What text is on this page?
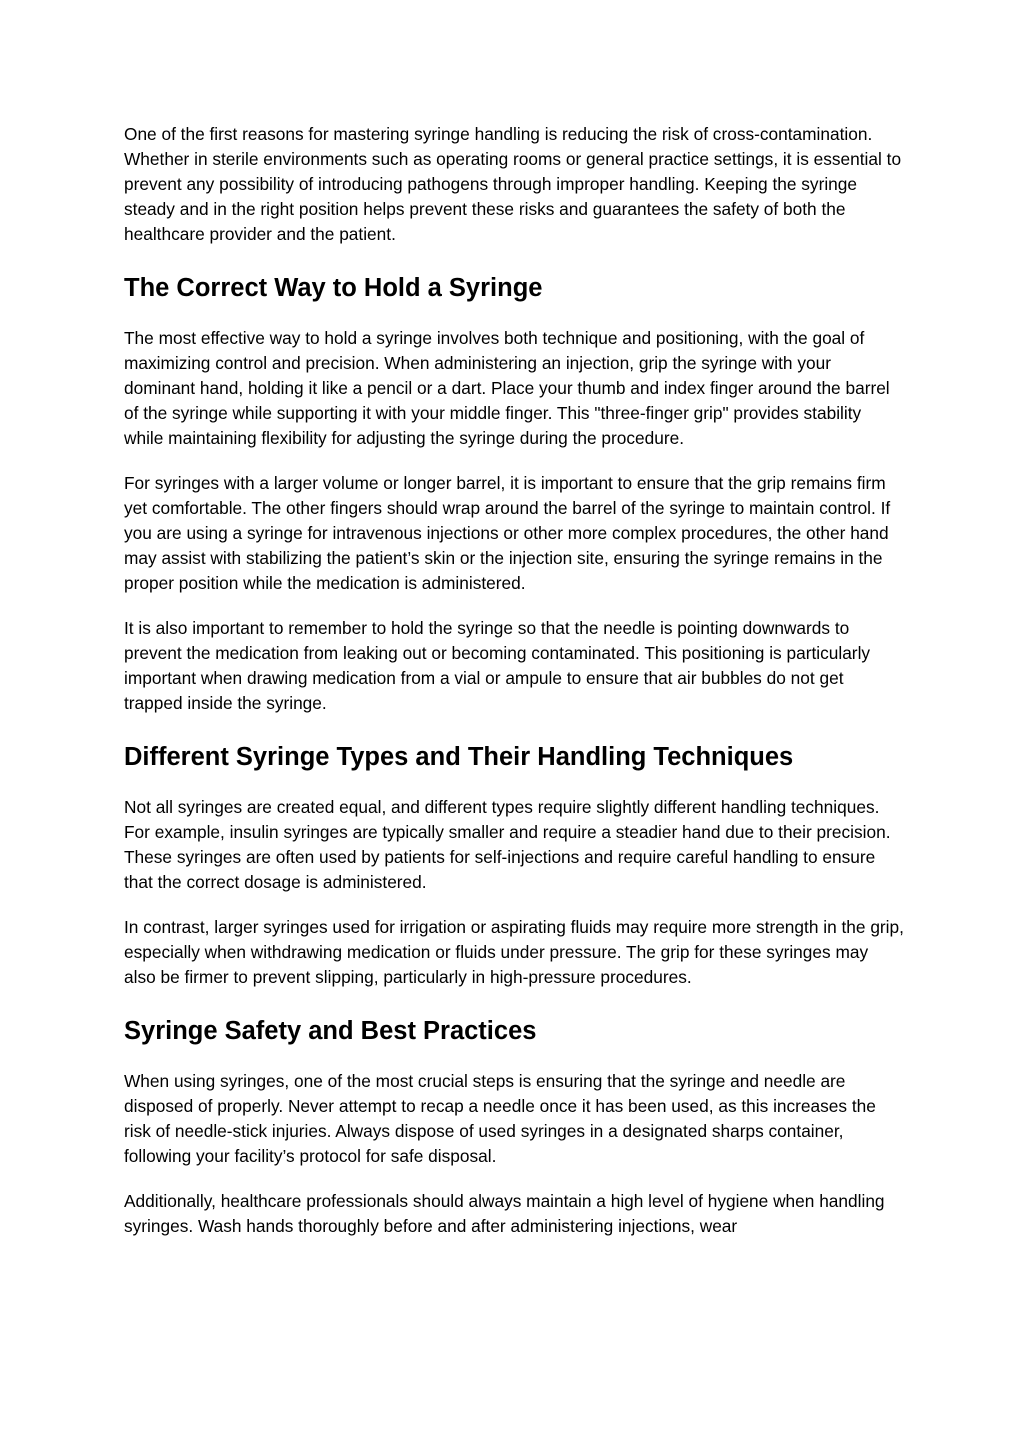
One of the first reasons for mastering syringe handling is reducing the risk of cross-contamination. Whether in sterile environments such as operating rooms or general practice settings, it is essential to prevent any possibility of introducing pathogens through improper handling. Keeping the syringe steady and in the right position helps prevent these risks and guarantees the safety of both the healthcare provider and the patient.

The Correct Way to Hold a Syringe

The most effective way to hold a syringe involves both technique and positioning, with the goal of maximizing control and precision. When administering an injection, grip the syringe with your dominant hand, holding it like a pencil or a dart. Place your thumb and index finger around the barrel of the syringe while supporting it with your middle finger. This "three-finger grip" provides stability while maintaining flexibility for adjusting the syringe during the procedure.

For syringes with a larger volume or longer barrel, it is important to ensure that the grip remains firm yet comfortable. The other fingers should wrap around the barrel of the syringe to maintain control. If you are using a syringe for intravenous injections or other more complex procedures, the other hand may assist with stabilizing the patient’s skin or the injection site, ensuring the syringe remains in the proper position while the medication is administered.

It is also important to remember to hold the syringe so that the needle is pointing downwards to prevent the medication from leaking out or becoming contaminated. This positioning is particularly important when drawing medication from a vial or ampule to ensure that air bubbles do not get trapped inside the syringe.

Different Syringe Types and Their Handling Techniques

Not all syringes are created equal, and different types require slightly different handling techniques. For example, insulin syringes are typically smaller and require a steadier hand due to their precision. These syringes are often used by patients for self-injections and require careful handling to ensure that the correct dosage is administered.

In contrast, larger syringes used for irrigation or aspirating fluids may require more strength in the grip, especially when withdrawing medication or fluids under pressure. The grip for these syringes may also be firmer to prevent slipping, particularly in high-pressure procedures.

Syringe Safety and Best Practices

When using syringes, one of the most crucial steps is ensuring that the syringe and needle are disposed of properly. Never attempt to recap a needle once it has been used, as this increases the risk of needle-stick injuries. Always dispose of used syringes in a designated sharps container, following your facility’s protocol for safe disposal.

Additionally, healthcare professionals should always maintain a high level of hygiene when handling syringes. Wash hands thoroughly before and after administering injections, wear
